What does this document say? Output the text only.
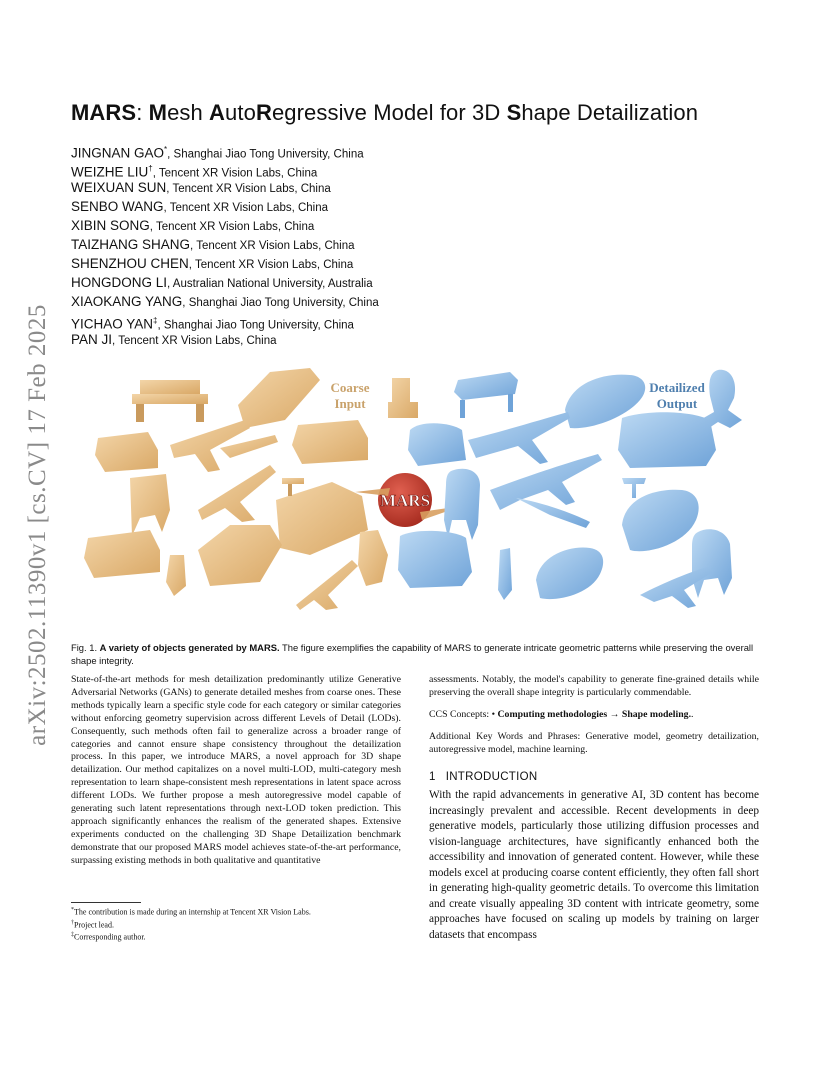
arXiv:2502.11390v1 [cs.CV] 17 Feb 2025
MARS: Mesh AutoRegressive Model for 3D Shape Detailization
JINGNAN GAO*, Shanghai Jiao Tong University, China
WEIZHE LIU†, Tencent XR Vision Labs, China
WEIXUAN SUN, Tencent XR Vision Labs, China
SENBO WANG, Tencent XR Vision Labs, China
XIBIN SONG, Tencent XR Vision Labs, China
TAIZHANG SHANG, Tencent XR Vision Labs, China
SHENZHOU CHEN, Tencent XR Vision Labs, China
HONGDONG LI, Australian National University, Australia
XIAOKANG YANG, Shanghai Jiao Tong University, China
YICHAO YAN‡, Shanghai Jiao Tong University, China
PAN JI, Tencent XR Vision Labs, China
MARS
Coarse
Input
Detailized
Output
Fig. 1. A variety of objects generated by MARS. The figure exemplifies the capability of MARS to generate intricate geometric patterns while preserving the overall shape integrity.

State-of-the-art methods for mesh detailization predominantly utilize Generative Adversarial Networks (GANs) to generate detailed meshes from coarse ones. These methods typically learn a specific style code for each category or similar categories without enforcing geometry supervision across different Levels of Detail (LODs). Consequently, such methods often fail to generalize across a broader range of categories and cannot ensure shape consistency throughout the detailization process. In this paper, we introduce MARS, a novel approach for 3D shape detailization. Our method capitalizes on a novel multi-LOD, multi-category mesh representation to learn shape-consistent mesh representations in latent space across different LODs. We further propose a mesh autoregressive model capable of generating such latent representations through next-LOD token prediction. This approach significantly enhances the realism of the generated shapes. Extensive experiments conducted on the challenging 3D Shape Detailization benchmark demonstrate that our proposed MARS model achieves state-of-the-art performance, surpassing existing methods in both qualitative and quantitative

*The contribution is made during an internship at Tencent XR Vision Labs.
†Project lead.
‡Corresponding author.

assessments. Notably, the model's capability to generate fine-grained details while preserving the overall shape integrity is particularly commendable.

CCS Concepts: • Computing methodologies → Shape modeling..

Additional Key Words and Phrases: Generative model, geometry detailization, autoregressive model, machine learning.

1 INTRODUCTION

With the rapid advancements in generative AI, 3D content has become increasingly prevalent and accessible. Recent developments in deep generative models, particularly those utilizing diffusion processes and vision-language architectures, have significantly enhanced both the accessibility and innovation of generated content. However, while these models excel at producing coarse content efficiently, they often fall short in generating high-quality geometric details. To overcome this limitation and create visually appealing 3D content with intricate geometry, some approaches have focused on scaling up models by training on larger datasets that encompass
